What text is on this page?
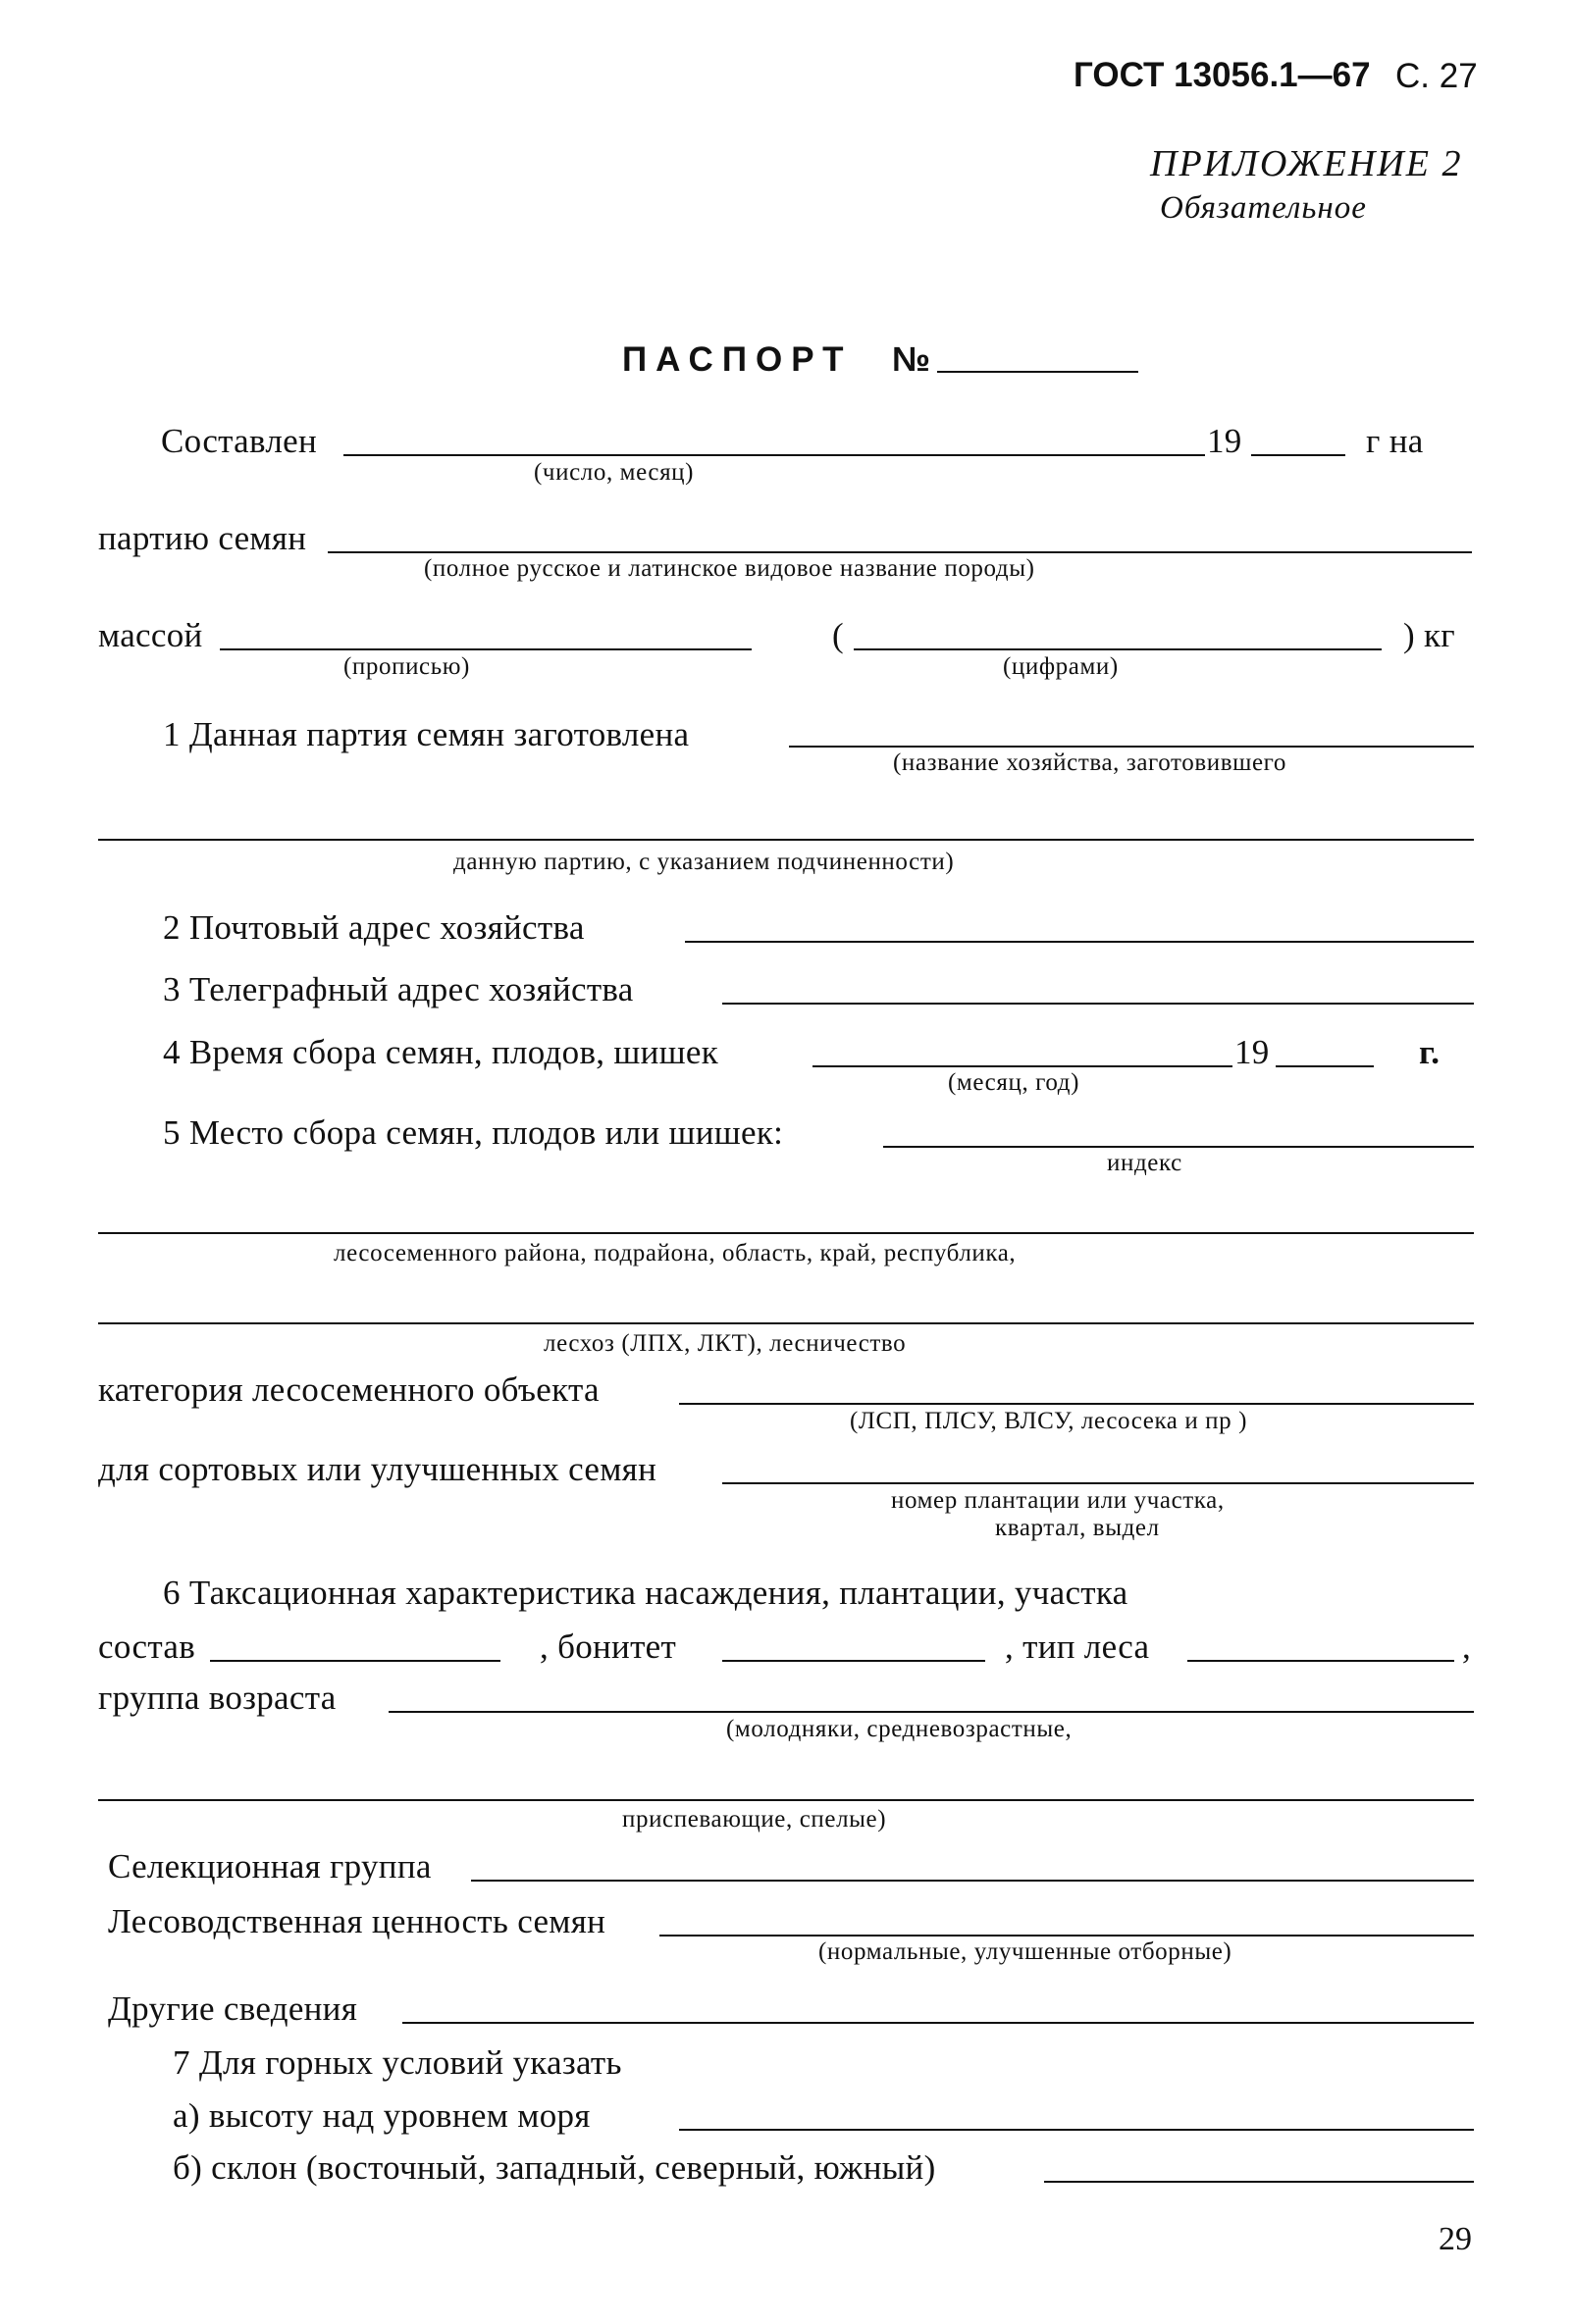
ГОСТ 13056.1—67 С. 27
ПРИЛОЖЕНИЕ 2
Обязательное
ПАСПОРТ №
Составлен	19	г на
(число, месяц)
партию семян
(полное русское и латинское видовое название породы)
массой	(	) кг
(прописью)	(цифрами)
1 Данная партия семян заготовлена
(название хозяйства, заготовившего
данную партию, с указанием подчиненности)
2 Почтовый адрес хозяйства
3 Телеграфный адрес хозяйства
4 Время сбора семян, плодов, шишек	19	г.
(месяц, год)
5 Место сбора семян, плодов или шишек:
индекс
лесосеменного района, подрайона, область, край, республика,
лесхоз (ЛПХ, ЛКТ), лесничество
категория лесосеменного объекта
(ЛСП, ПЛСУ, ВЛСУ, лесосека и пр )
для сортовых или улучшенных семян
номер плантации или участка,
квартал, выдел
6 Таксационная характеристика насаждения, плантации, участка
состав	, бонитет	, тип леса	,
группа возраста
(молодняки, средневозрастные,
приспевающие, спелые)
Селекционная группа
Лесоводственная ценность семян
(нормальные, улучшенные отборные)
Другие сведения
7 Для горных условий указать
а) высоту над уровнем моря
б) склон (восточный, западный, северный, южный)
29
